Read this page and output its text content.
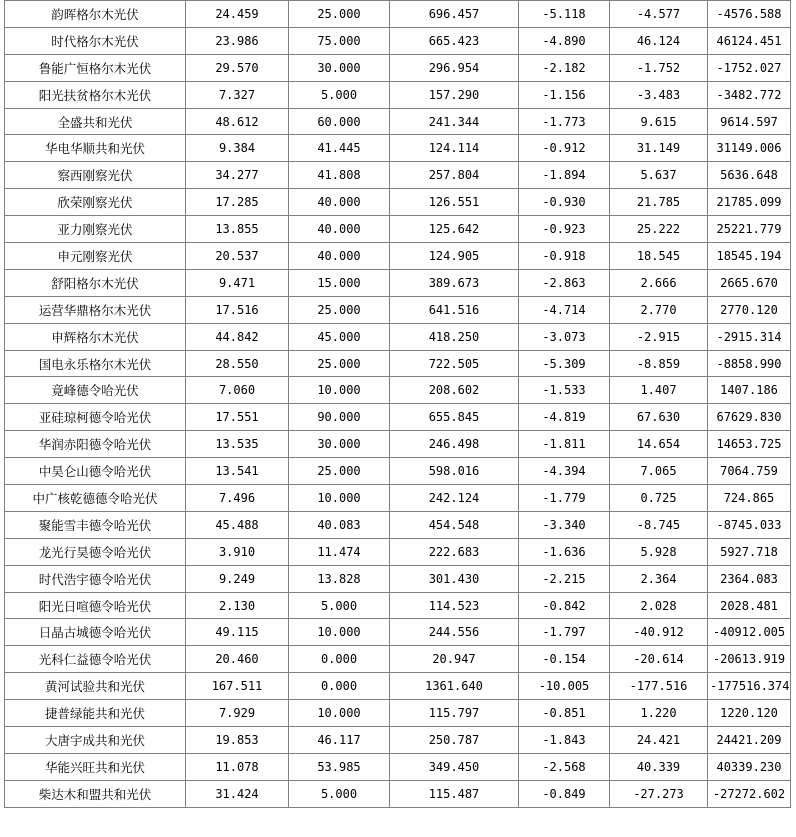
韵晖格尔木光伏	24.459	25.000	696.457	-5.118	-4.577	-4576.588
时代格尔木光伏	23.986	75.000	665.423	-4.890	46.124	46124.451
鲁能广恒格尔木光伏	29.570	30.000	296.954	-2.182	-1.752	-1752.027
阳光扶贫格尔木光伏	7.327	5.000	157.290	-1.156	-3.483	-3482.772
全盛共和光伏	48.612	60.000	241.344	-1.773	9.615	9614.597
华电华顺共和光伏	9.384	41.445	124.114	-0.912	31.149	31149.006
察西刚察光伏	34.277	41.808	257.804	-1.894	5.637	5636.648
欣荣刚察光伏	17.285	40.000	126.551	-0.930	21.785	21785.099
亚力刚察光伏	13.855	40.000	125.642	-0.923	25.222	25221.779
申元刚察光伏	20.537	40.000	124.905	-0.918	18.545	18545.194
舒阳格尔木光伏	9.471	15.000	389.673	-2.863	2.666	2665.670
运营华鼎格尔木光伏	17.516	25.000	641.516	-4.714	2.770	2770.120
申辉格尔木光伏	44.842	45.000	418.250	-3.073	-2.915	-2915.314
国电永乐格尔木光伏	28.550	25.000	722.505	-5.309	-8.859	-8858.990
竟峰德令哈光伏	7.060	10.000	208.602	-1.533	1.407	1407.186
亚硅琼柯德令哈光伏	17.551	90.000	655.845	-4.819	67.630	67629.830
华润赤阳德令哈光伏	13.535	30.000	246.498	-1.811	14.654	14653.725
中昊仑山德令哈光伏	13.541	25.000	598.016	-4.394	7.065	7064.759
中广核乾德德令哈光伏	7.496	10.000	242.124	-1.779	0.725	724.865
聚能雪丰德令哈光伏	45.488	40.083	454.548	-3.340	-8.745	-8745.033
龙光行昊德令哈光伏	3.910	11.474	222.683	-1.636	5.928	5927.718
时代浩宇德令哈光伏	9.249	13.828	301.430	-2.215	2.364	2364.083
阳光日喧德令哈光伏	2.130	5.000	114.523	-0.842	2.028	2028.481
日晶古城德令哈光伏	49.115	10.000	244.556	-1.797	-40.912	-40912.005
光科仁益德令哈光伏	20.460	0.000	20.947	-0.154	-20.614	-20613.919
黄河试验共和光伏	167.511	0.000	1361.640	-10.005	-177.516	-177516.374
捷普绿能共和光伏	7.929	10.000	115.797	-0.851	1.220	1220.120
大唐宇成共和光伏	19.853	46.117	250.787	-1.843	24.421	24421.209
华能兴旺共和光伏	11.078	53.985	349.450	-2.568	40.339	40339.230
柴达木和盟共和光伏	31.424	5.000	115.487	-0.849	-27.273	-27272.602
